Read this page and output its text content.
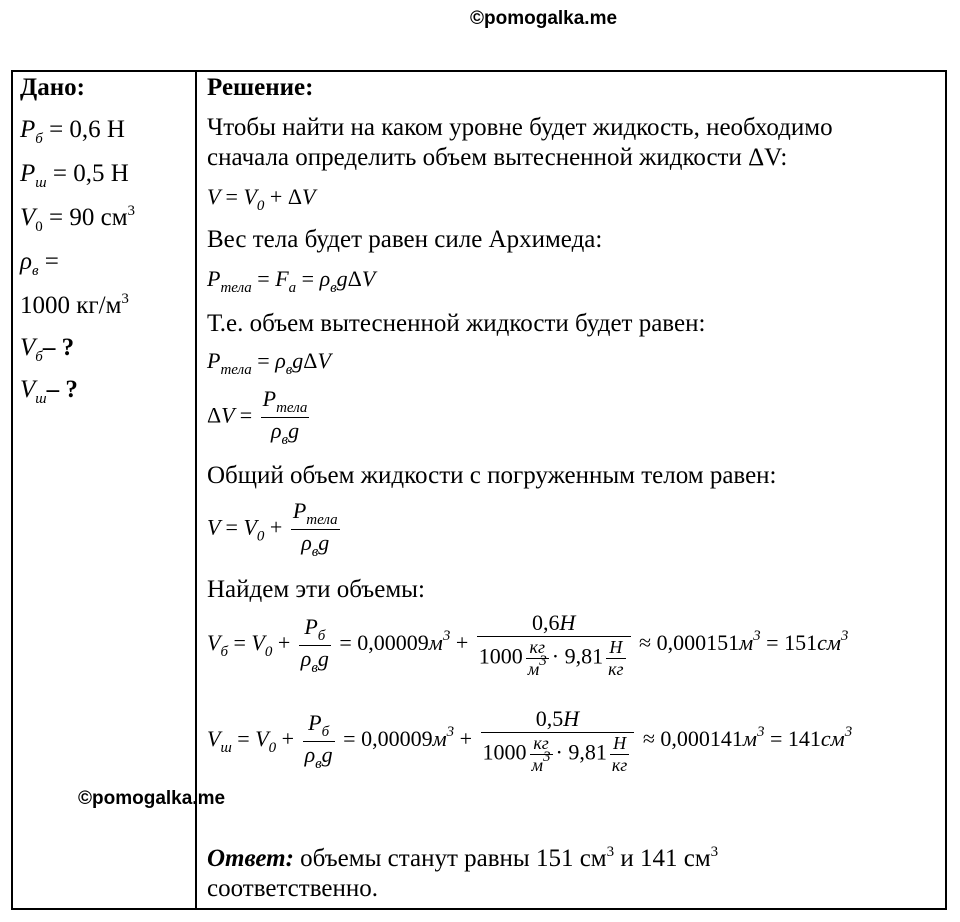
©pomogalka.me
Дано:
$P_б = 0,6$ Н
$P_ш = 0,5$ Н
$V_0 = 90$ $см^3$
$\rho_в$ =
1000 $кг/м^3$
$V_б-$ ?
$V_ш-$ ?
Решение:
Чтобы найти на каком уровне будет жидкость, необходимо
сначала определить объем вытесненной жидкости ΔV:
$V = V_0 + \Delta V$
Вес тела будет равен силе Архимеда:
$P_{тела} = F_а = \rho_вg\Delta V$
Т.е. объем вытесненной жидкости будет равен:
$P_{тела} = \rho_вg\Delta V$
$\Delta V = \frac{P_{тела}}{\rho_вg}$
Общий объем жидкости с погруженным телом равен:
$V = V_0 + \frac{P_{тела}}{\rho_вg}$
Найдем эти объемы:
$V_б = V_0 + \frac{P_б}{\rho_вg} = 0,00009м^3 + \frac{0,6Н}{1000 \frac{кг}{м^3} \cdot 9,81 \frac{Н}{кг}} \approx 0,000151м^3 = 151см^3$
$V_ш = V_0 + \frac{P_б}{\rho_вg} = 0,00009м^3 + \frac{0,5Н}{1000 \frac{кг}{м^3} \cdot 9,81 \frac{Н}{кг}} \approx 0,000141м^3 = 141см^3$
©pomogalka.me
Ответ: объемы станут равны 151 $см^3$ и 141 $см^3$
соответственно.
